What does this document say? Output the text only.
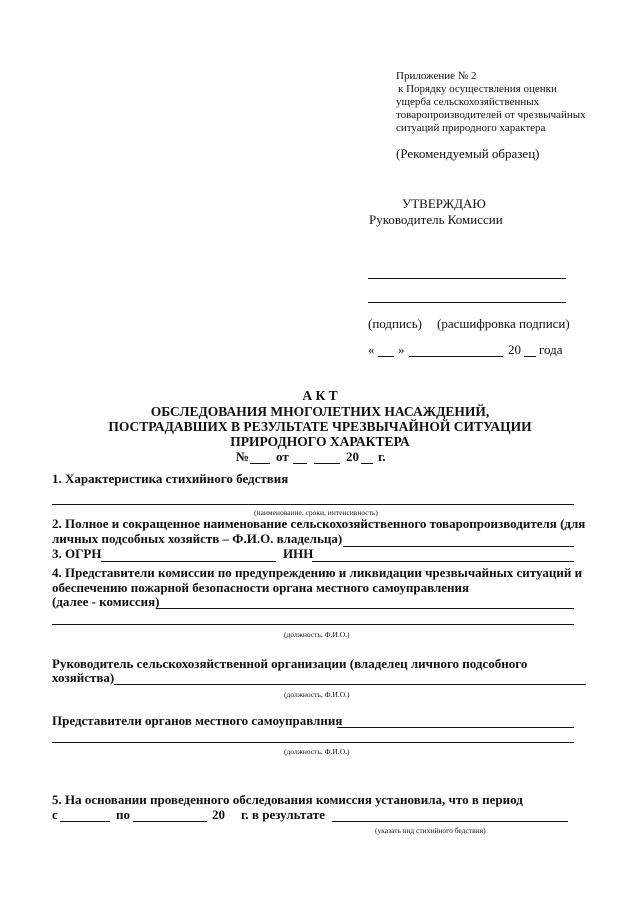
Приложение № 2
к Порядку осуществления оценки
ущерба сельскохозяйственных
товаропроизводителей от чрезвычайных
ситуаций природного характера
(Рекомендуемый образец)
УТВЕРЖДАЮ
Руководитель Комиссии
(подпись) (расшифровка подписи)
« »	20 года
А К Т
ОБСЛЕДОВАНИЯ МНОГОЛЕТНИХ НАСАЖДЕНИЙ,
ПОСТРАДАВШИХ В РЕЗУЛЬТАТЕ ЧРЕЗВЫЧАЙНОЙ СИТУАЦИИ
ПРИРОДНОГО ХАРАКТЕРА
№ от	20 г.
1. Характеристика стихийного бедствия
(наименование, сроки, интенсивность)
2. Полное и сокращенное наименование сельскохозяйственного товаропроизводителя (для
личных подсобных хозяйств – Ф.И.О. владельца)
3. ОГРН	ИНН
4. Представители комиссии по предупреждению и ликвидации чрезвычайных ситуаций и
обеспечению пожарной безопасности органа местного самоуправления
(далее - комиссия)
(должность, Ф.И.О.)
Руководитель сельскохозяйственной организации (владелец личного подсобного
хозяйства)
(должность, Ф.И.О.)
Представители органов местного самоуправлния
(должность, Ф.И.О.)
5. На основании проведенного обследования комиссия установила, что в период
с	по	20 г. в результате
(указать вид стихийного бедствия)
